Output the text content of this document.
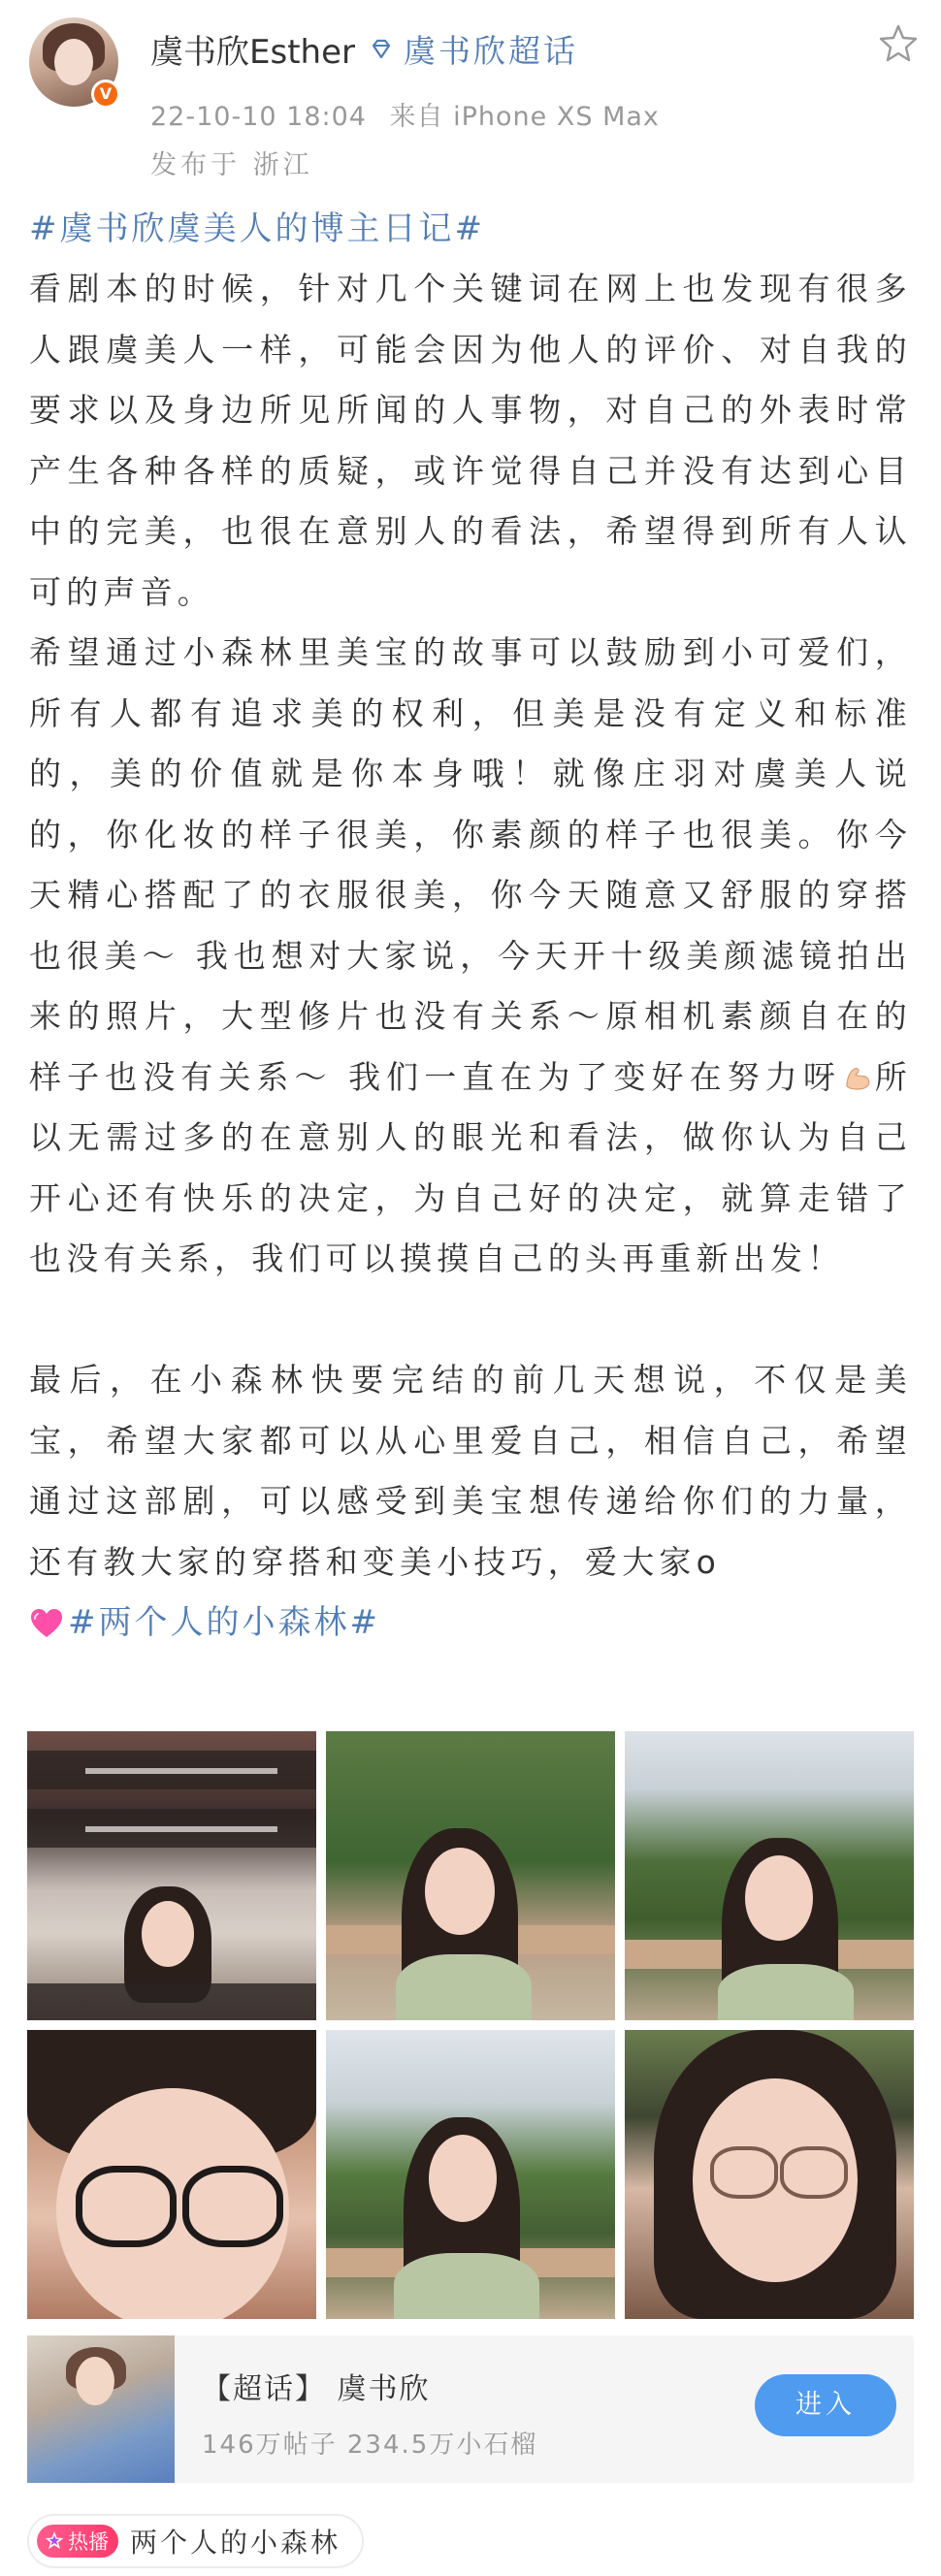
V
虞书欣Esther 虞书欣超话
22-10-10 18:04 来自 iPhone XS Max
发布于 浙江
#虞书欣虞美人的博主日记#

看剧本的时候，针对几个关键词在网上也发现有很多人跟虞美人一样，可能会因为他人的评价、对自我的要求以及身边所见所闻的人事物，对自己的外表时常产生各种各样的质疑，或许觉得自己并没有达到心目中的完美，也很在意别人的看法，希望得到所有人认可的声音。

希望通过小森林里美宝的故事可以鼓励到小可爱们，所有人都有追求美的权利，但美是没有定义和标准的，美的价值就是你本身哦！就像庄羽对虞美人说的，你化妆的样子很美，你素颜的样子也很美。你今天精心搭配了的衣服很美，你今天随意又舒服的穿搭也很美～ 我也想对大家说，今天开十级美颜滤镜拍出来的照片，大型修片也没有关系～原相机素颜自在的样子也没有关系～ 我们一直在为了变好在努力呀 所以无需过多的在意别人的眼光和看法，做你认为自己开心还有快乐的决定，为自己好的决定，就算走错了也没有关系，我们可以摸摸自己的头再重新出发！

最后，在小森林快要完结的前几天想说，不仅是美宝，希望大家都可以从心里爱自己，相信自己，希望通过这部剧，可以感受到美宝想传递给你们的力量，还有教大家的穿搭和变美小技巧，爱大家o

#两个人的小森林#
【超话】 虞书欣
146万帖子 234.5万小石榴
进入
热播 两个人的小森林
